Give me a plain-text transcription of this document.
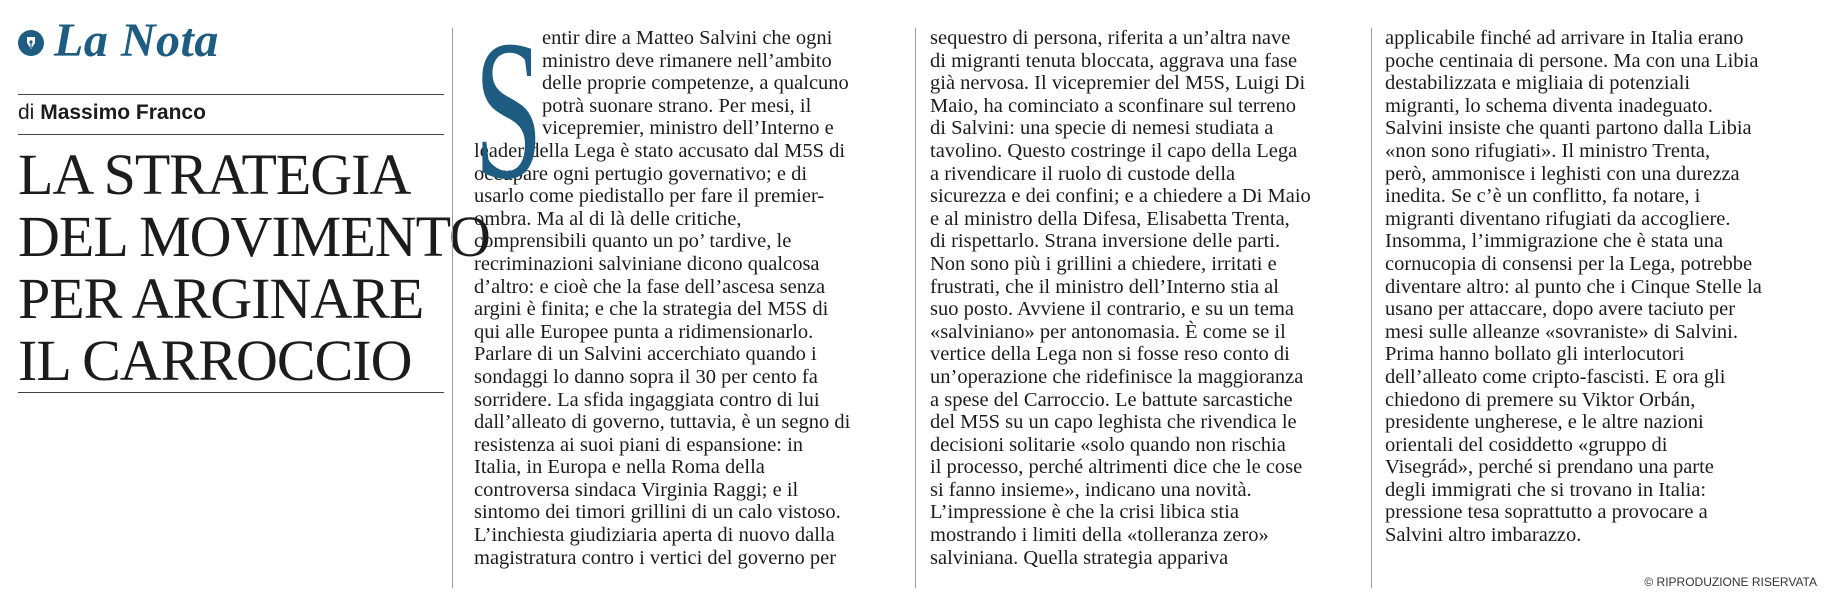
La Nota
di Massimo Franco
LA STRATEGIA
DEL MOVIMENTO
PER ARGINARE
IL CARROCCIO
S entir dire a Matteo Salvini che ogni
ministro deve rimanere nell’ambito
delle proprie competenze, a qualcuno
potrà suonare strano. Per mesi, il
vicepremier, ministro dell’Interno e
leader della Lega è stato accusato dal M5S di
occupare ogni pertugio governativo; e di
usarlo come piedistallo per fare il premier-
ombra. Ma al di là delle critiche,
comprensibili quanto un po’ tardive, le
recriminazioni salviniane dicono qualcosa
d’altro: e cioè che la fase dell’ascesa senza
argini è finita; e che la strategia del M5S di
qui alle Europee punta a ridimensionarlo.
Parlare di un Salvini accerchiato quando i
sondaggi lo danno sopra il 30 per cento fa
sorridere. La sfida ingaggiata contro di lui
dall’alleato di governo, tuttavia, è un segno di
resistenza ai suoi piani di espansione: in
Italia, in Europa e nella Roma della
controversa sindaca Virginia Raggi; e il
sintomo dei timori grillini di un calo vistoso.
L’inchiesta giudiziaria aperta di nuovo dalla
magistratura contro i vertici del governo per
sequestro di persona, riferita a un’altra nave
di migranti tenuta bloccata, aggrava una fase
già nervosa. Il vicepremier del M5S, Luigi Di
Maio, ha cominciato a sconfinare sul terreno
di Salvini: una specie di nemesi studiata a
tavolino. Questo costringe il capo della Lega
a rivendicare il ruolo di custode della
sicurezza e dei confini; e a chiedere a Di Maio
e al ministro della Difesa, Elisabetta Trenta,
di rispettarlo. Strana inversione delle parti.
Non sono più i grillini a chiedere, irritati e
frustrati, che il ministro dell’Interno stia al
suo posto. Avviene il contrario, e su un tema
«salviniano» per antonomasia. È come se il
vertice della Lega non si fosse reso conto di
un’operazione che ridefinisce la maggioranza
a spese del Carroccio. Le battute sarcastiche
del M5S su un capo leghista che rivendica le
decisioni solitarie «solo quando non rischia
il processo, perché altrimenti dice che le cose
si fanno insieme», indicano una novità.
L’impressione è che la crisi libica stia
mostrando i limiti della «tolleranza zero»
salviniana. Quella strategia appariva
applicabile finché ad arrivare in Italia erano
poche centinaia di persone. Ma con una Libia
destabilizzata e migliaia di potenziali
migranti, lo schema diventa inadeguato.
Salvini insiste che quanti partono dalla Libia
«non sono rifugiati». Il ministro Trenta,
però, ammonisce i leghisti con una durezza
inedita. Se c’è un conflitto, fa notare, i
migranti diventano rifugiati da accogliere.
Insomma, l’immigrazione che è stata una
cornucopia di consensi per la Lega, potrebbe
diventare altro: al punto che i Cinque Stelle la
usano per attaccare, dopo avere taciuto per
mesi sulle alleanze «sovraniste» di Salvini.
Prima hanno bollato gli interlocutori
dell’alleato come cripto-fascisti. E ora gli
chiedono di premere su Viktor Orbán,
presidente ungherese, e le altre nazioni
orientali del cosiddetto «gruppo di
Visegrád», perché si prendano una parte
degli immigrati che si trovano in Italia:
pressione tesa soprattutto a provocare a
Salvini altro imbarazzo.
© RIPRODUZIONE RISERVATA
